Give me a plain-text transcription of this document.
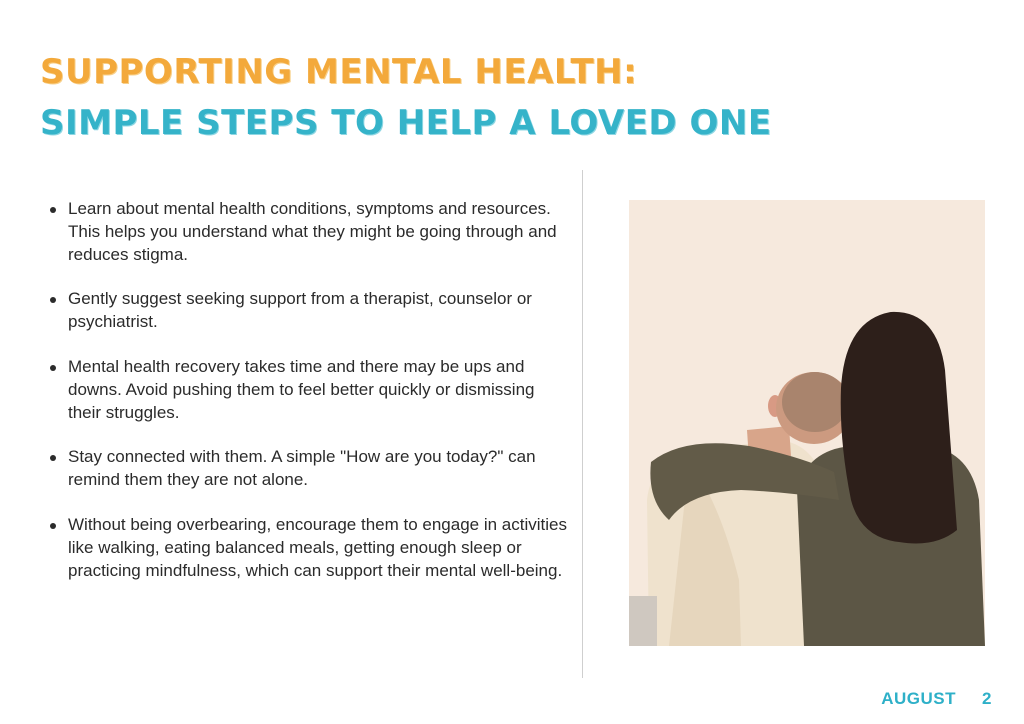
SUPPORTING MENTAL HEALTH:
SIMPLE STEPS TO HELP A LOVED ONE
Learn about mental health conditions, symptoms and resources. This helps you understand what they might be going through and reduces stigma.
Gently suggest seeking support from a therapist, counselor or psychiatrist.
Mental health recovery takes time and there may be ups and downs. Avoid pushing them to feel better quickly or dismissing their struggles.
Stay connected with them. A simple "How are you today?" can remind them they are not alone.
Without being overbearing, encourage them to engage in activities like walking, eating balanced meals, getting enough sleep or practicing mindfulness, which can support their mental well-being.
AUGUST 2
